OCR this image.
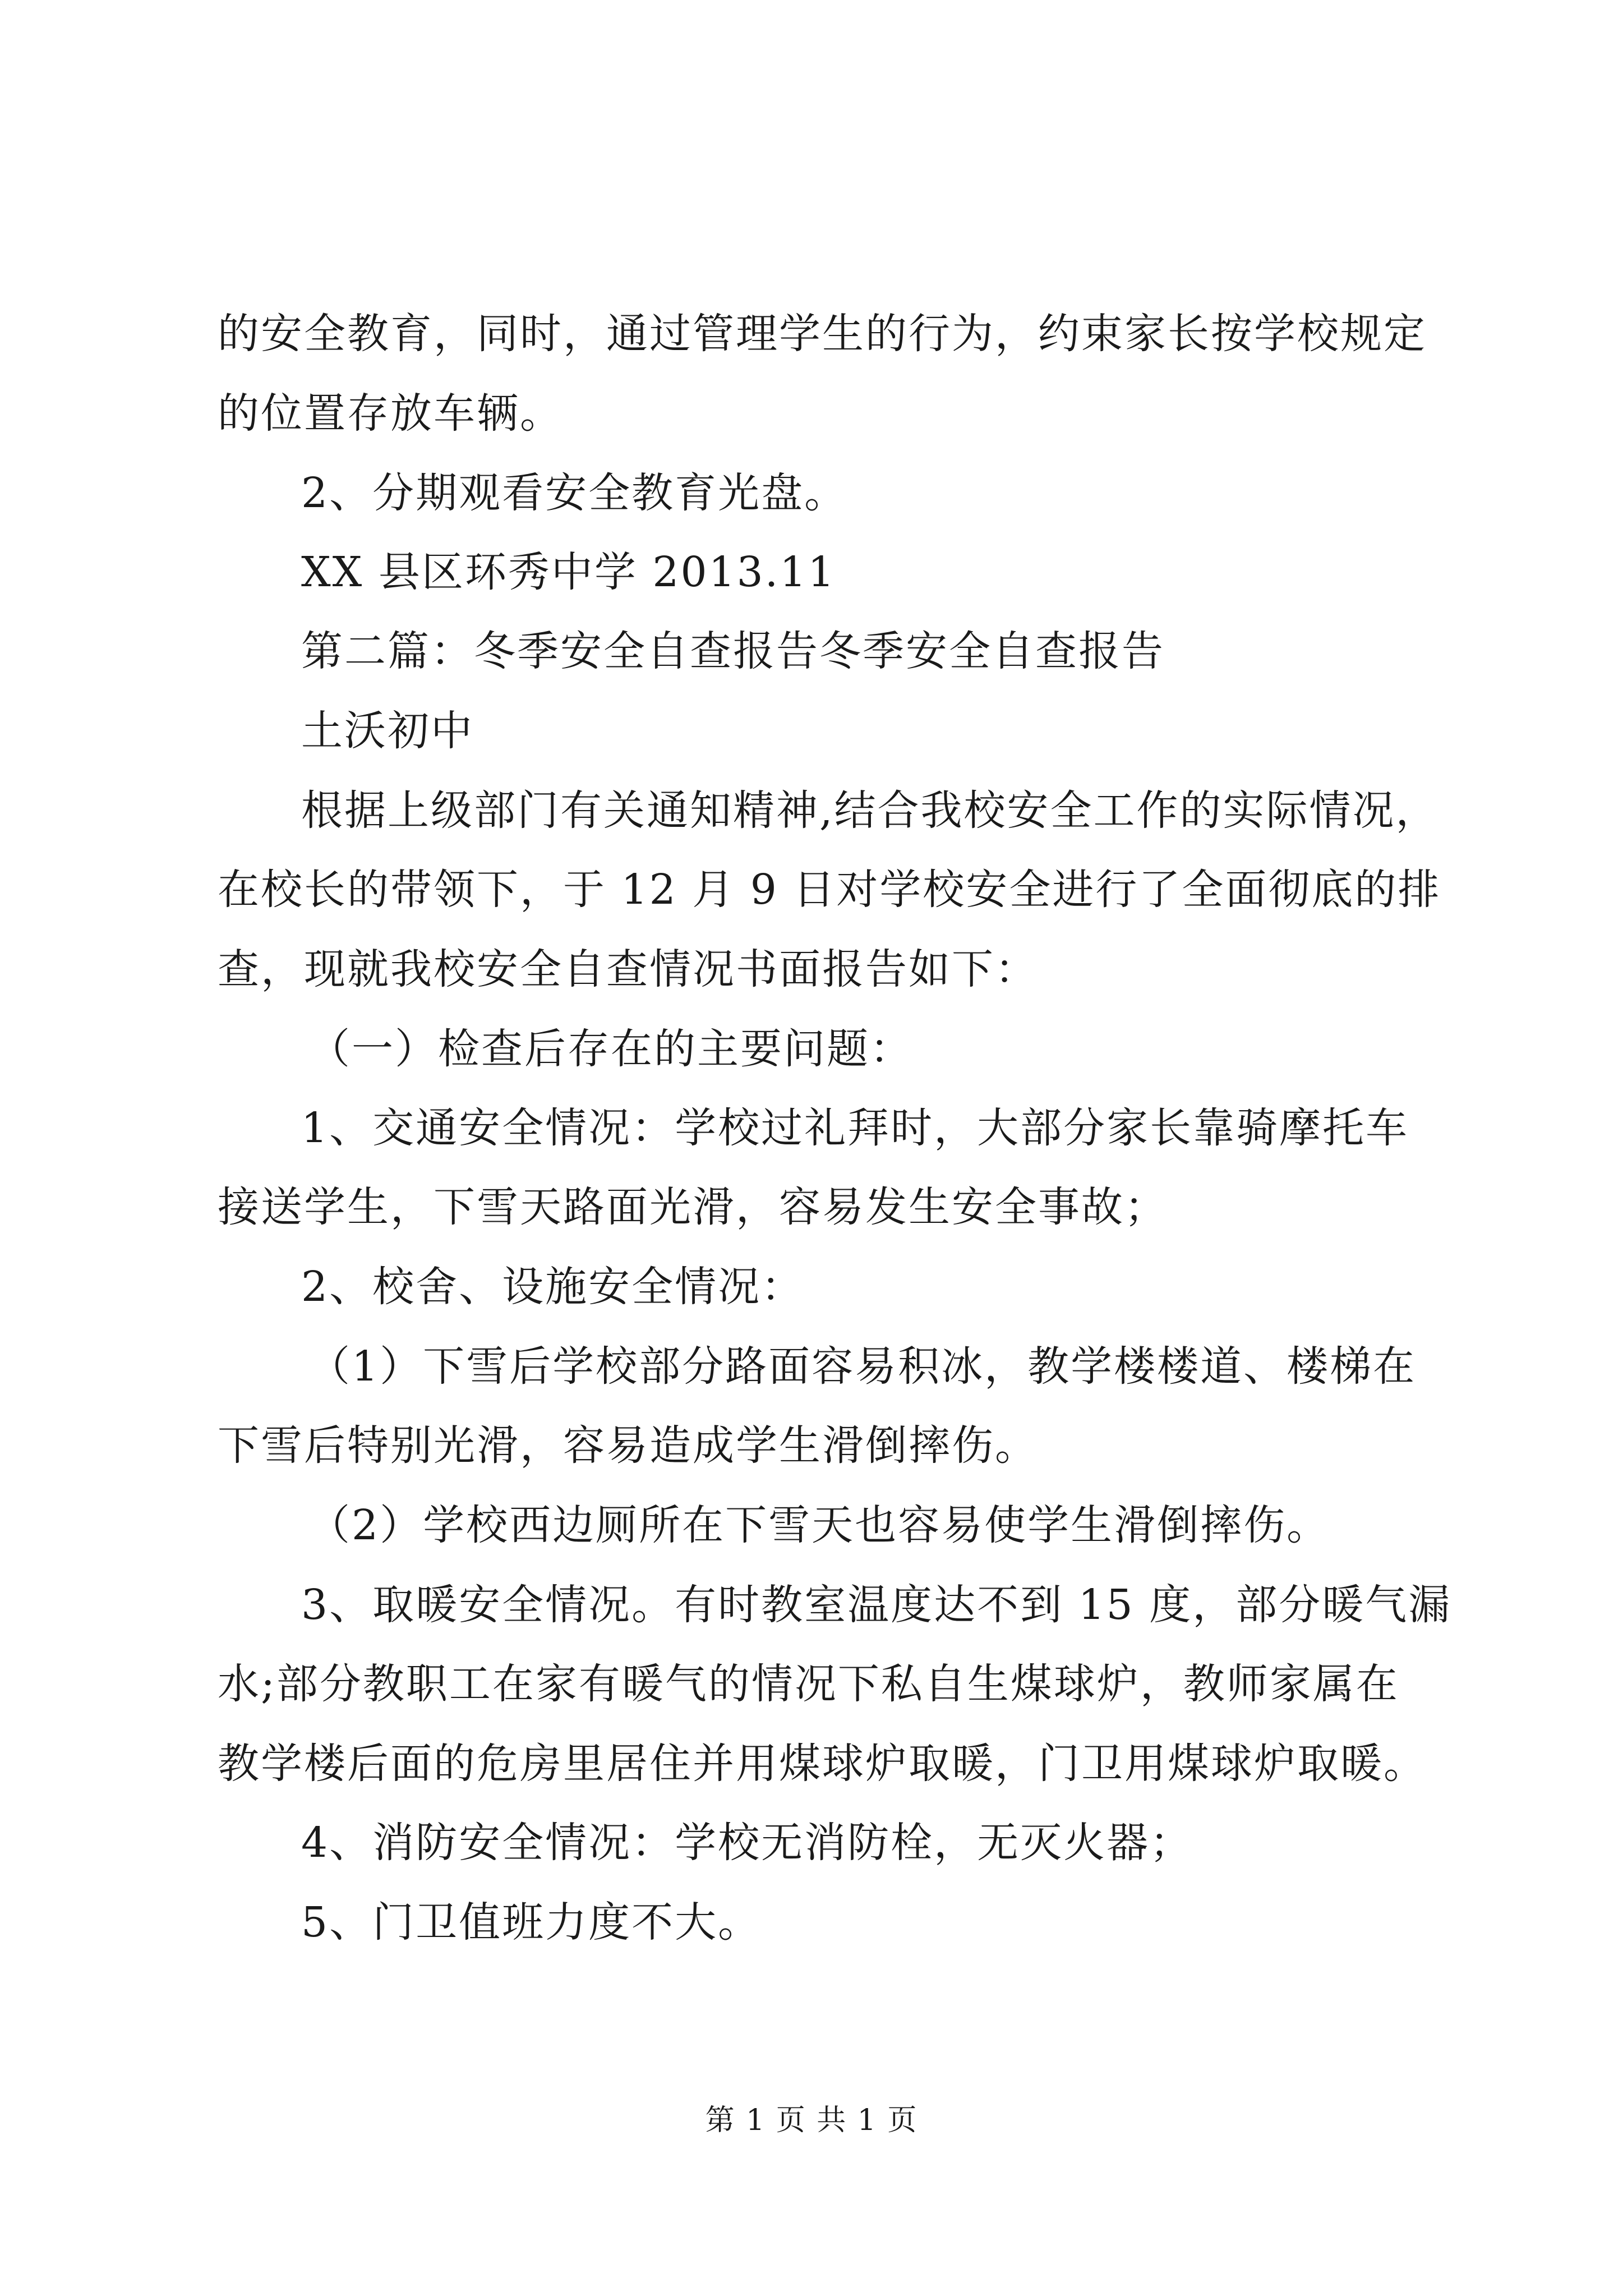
的安全教育，同时，通过管理学生的行为，约束家长按学校规定
的位置存放车辆。
2、分期观看安全教育光盘。
XX 县区环秀中学 2013.11
第二篇：冬季安全自查报告冬季安全自查报告
土沃初中
根据上级部门有关通知精神,结合我校安全工作的实际情况，
在校长的带领下，于 12 月 9 日对学校安全进行了全面彻底的排
查，现就我校安全自查情况书面报告如下：
（一）检查后存在的主要问题：
1、交通安全情况：学校过礼拜时，大部分家长靠骑摩托车
接送学生，下雪天路面光滑，容易发生安全事故；
2、校舍、设施安全情况：
（1）下雪后学校部分路面容易积冰，教学楼楼道、楼梯在
下雪后特别光滑，容易造成学生滑倒摔伤。
（2）学校西边厕所在下雪天也容易使学生滑倒摔伤。
3、取暖安全情况。有时教室温度达不到 15 度，部分暖气漏
水;部分教职工在家有暖气的情况下私自生煤球炉，教师家属在
教学楼后面的危房里居住并用煤球炉取暖，门卫用煤球炉取暖。
4、消防安全情况：学校无消防栓，无灭火器；
5、门卫值班力度不大。
第 1 页 共 1 页
